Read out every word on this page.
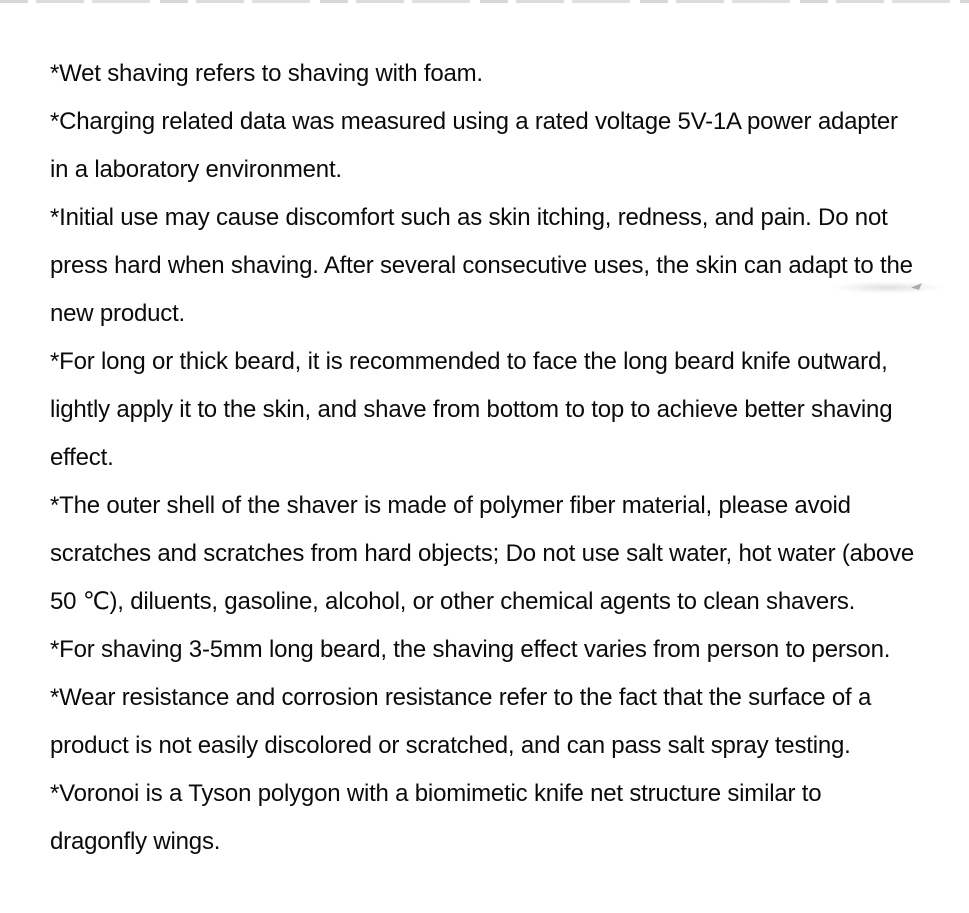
*Wet shaving refers to shaving with foam.
*Charging related data was measured using a rated voltage 5V-1A power adapter
in a laboratory environment.
*Initial use may cause discomfort such as skin itching, redness, and pain. Do not
press hard when shaving. After several consecutive uses, the skin can adapt to the
new product.
*For long or thick beard, it is recommended to face the long beard knife outward,
lightly apply it to the skin, and shave from bottom to top to achieve better shaving
effect.
*The outer shell of the shaver is made of polymer fiber material, please avoid
scratches and scratches from hard objects; Do not use salt water, hot water (above
50 ℃), diluents, gasoline, alcohol, or other chemical agents to clean shavers.
*For shaving 3-5mm long beard, the shaving effect varies from person to person.
*Wear resistance and corrosion resistance refer to the fact that the surface of a
product is not easily discolored or scratched, and can pass salt spray testing.
*Voronoi is a Tyson polygon with a biomimetic knife net structure similar to
dragonfly wings.
